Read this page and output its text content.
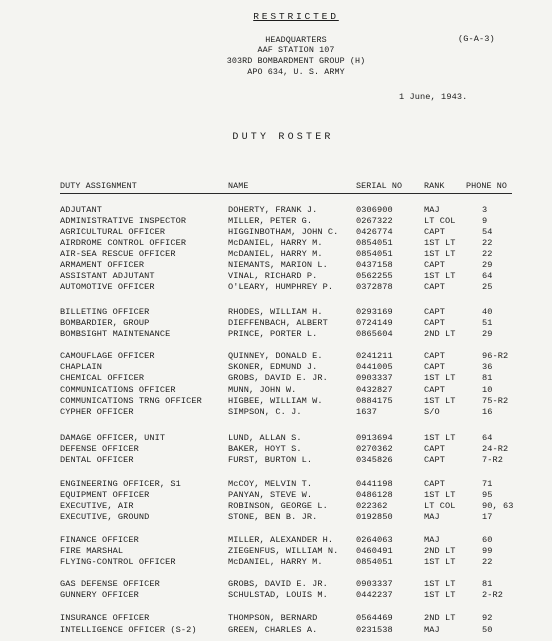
RESTRICTED
HEADQUARTERS
AAF STATION 107
303RD BOMBARDMENT GROUP (H)
APO 634, U. S. ARMY
(G-A-3)
1 June, 1943.
DUTY ROSTER
DUTY ASSIGNMENT	NAME	SERIAL NO	RANK	PHONE NO
ADJUTANT	DOHERTY, FRANK J.	0306900	MAJ	3
ADMINISTRATIVE INSPECTOR	MILLER, PETER G.	0267322	LT COL	9
AGRICULTURAL OFFICER	HIGGINBOTHAM, JOHN C. 0426774	CAPT	54
AIRDROME CONTROL OFFICER	McDANIEL, HARRY M.	0854051	1ST LT	22
AIR-SEA RESCUE OFFICER	McDANIEL, HARRY M.	0854051	1ST LT	22
ARMAMENT OFFICER	NIEMANTS, MARION L.	0437158	CAPT	29
ASSISTANT ADJUTANT	VINAL, RICHARD P.	0562255	1ST LT	64
AUTOMOTIVE OFFICER	O'LEARY, HUMPHREY P.	0372878	CAPT	25
BILLETING OFFICER	RHODES, WILLIAM H.	0293169	CAPT	40
BOMBARDIER, GROUP	DIEFFENBACH, ALBERT	0724149	CAPT	51
BOMBSIGHT MAINTENANCE	PRINCE, PORTER L.	0865604	2ND LT	29
CAMOUFLAGE OFFICER	QUINNEY, DONALD E.	0241211	CAPT	96-R2
CHAPLAIN	SKONER, EDMUND J.	0441005	CAPT	36
CHEMICAL OFFICER	GROBS, DAVID E. JR.	0903337	1ST LT	81
COMMUNICATIONS OFFICER	MUNN, JOHN W.	0432827	CAPT	10
COMMUNICATIONS TRNG OFFICER	HIGBEE, WILLIAM W.	0884175	1ST LT	75-R2
CYPHER OFFICER	SIMPSON, C. J.	1637	S/O	16
DAMAGE OFFICER, UNIT	LUND, ALLAN S.	0913694	1ST LT	64
DEFENSE OFFICER	BAKER, HOYT S.	0270362	CAPT	24-R2
DENTAL OFFICER	FURST, BURTON L.	0345826	CAPT	7-R2
ENGINEERING OFFICER, S1	McCOY, MELVIN T.	0441198	CAPT	71
EQUIPMENT OFFICER	PANYAN, STEVE W.	0486128	1ST LT	95
EXECUTIVE, AIR	ROBINSON, GEORGE L.	022362	LT COL	90, 63
EXECUTIVE, GROUND	STONE, BEN B. JR.	0192850	MAJ	17
FINANCE OFFICER	MILLER, ALEXANDER H.	0264063	MAJ	60
FIRE MARSHAL	ZIEGENFUS, WILLIAM N. 0460491	2ND LT	99
FLYING-CONTROL OFFICER	McDANIEL, HARRY M.	0854051	1ST LT	22
GAS DEFENSE OFFICER	GROBS, DAVID E. JR.	0903337	1ST LT	81
GUNNERY OFFICER	SCHULSTAD, LOUIS M.	0442237	1ST LT	2-R2
INSURANCE OFFICER	THOMPSON, BERNARD	0564469	2ND LT	92
INTELLIGENCE OFFICER (S-2)	GREEN, CHARLES A.	0231538	MAJ	50
